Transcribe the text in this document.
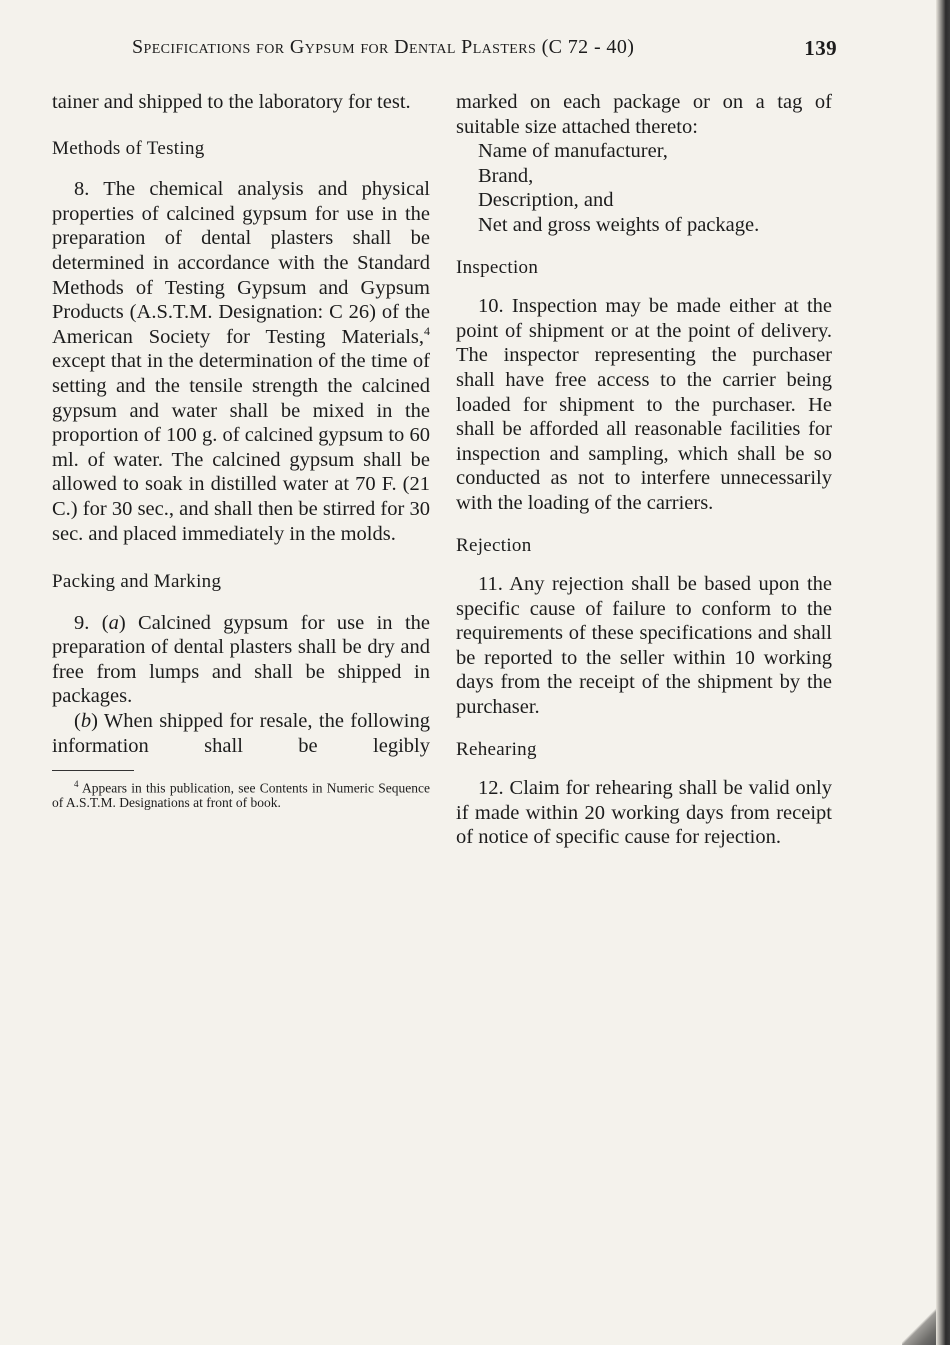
Specifications for Gypsum for Dental Plasters (C 72 - 40)	139

tainer and shipped to the laboratory for test.

Methods of Testing

8. The chemical analysis and physical properties of calcined gypsum for use in the preparation of dental plasters shall be determined in accordance with the Standard Methods of Testing Gypsum and Gypsum Products (A.S.T.M. Designation: C 26) of the American Society for Testing Materials,$^4$ except that in the determination of the time of setting and the tensile strength the calcined gypsum and water shall be mixed in the proportion of 100 g. of calcined gypsum to 60 ml. of water. The calcined gypsum shall be allowed to soak in distilled water at 70 F. (21 C.) for 30 sec., and shall then be stirred for 30 sec. and placed immediately in the molds.

Packing and Marking

9. (a) Calcined gypsum for use in the preparation of dental plasters shall be dry and free from lumps and shall be shipped in packages.

(b) When shipped for resale, the following information shall be legibly

$^4$ Appears in this publication, see Contents in Numeric Sequence of A.S.T.M. Designations at front of book.

marked on each package or on a tag of suitable size attached thereto:

Name of manufacturer,
Brand,
Description, and
Net and gross weights of package.
Inspection

10. Inspection may be made either at the point of shipment or at the point of delivery. The inspector representing the purchaser shall have free access to the carrier being loaded for shipment to the purchaser. He shall be afforded all reasonable facilities for inspection and sampling, which shall be so conducted as not to interfere unnecessarily with the loading of the carriers.

Rejection

11. Any rejection shall be based upon the specific cause of failure to conform to the requirements of these specifications and shall be reported to the seller within 10 working days from the receipt of the shipment by the purchaser.

Rehearing

12. Claim for rehearing shall be valid only if made within 20 working days from receipt of notice of specific cause for rejection.
